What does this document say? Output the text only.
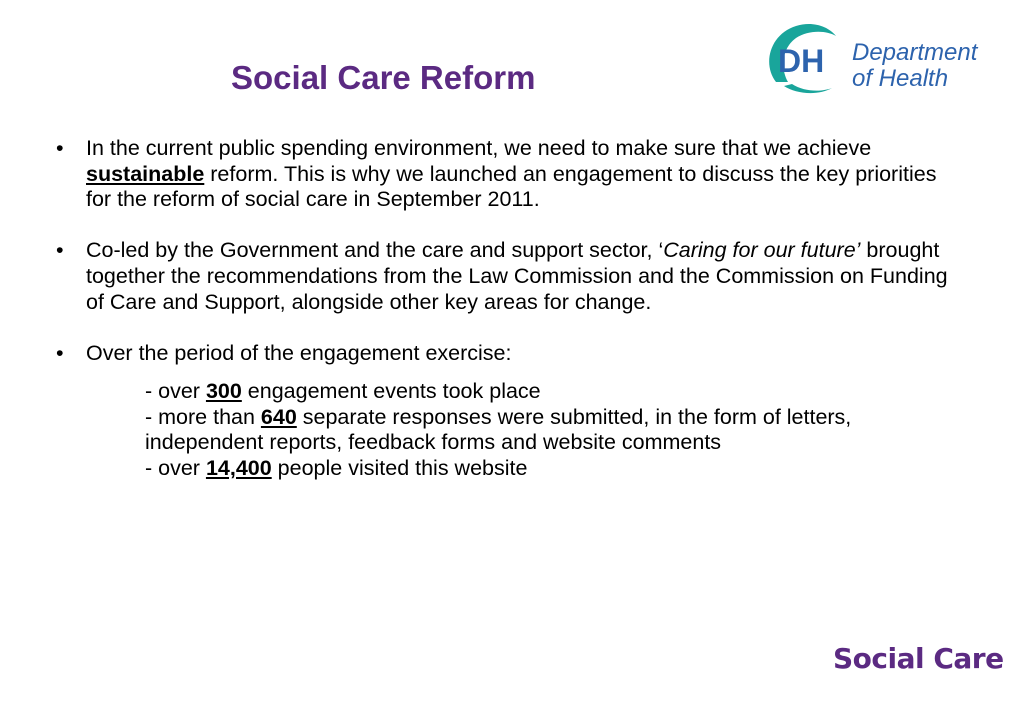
Social Care Reform	DH Department
of Health
• In the current public spending environment, we need to make sure that we achieve sustainable reform. This is why we launched an engagement to discuss the key priorities for the reform of social care in September 2011.
• Co-led by the Government and the care and support sector, ‘Caring for our future’ brought together the recommendations from the Law Commission and the Commission on Funding of Care and Support, alongside other key areas for change.
• Over the period of the engagement exercise:
- over 300 engagement events took place
- more than 640 separate responses were submitted, in the form of letters,  independent reports, feedback forms and website comments
- over 14,400 people visited this website
Social Care
